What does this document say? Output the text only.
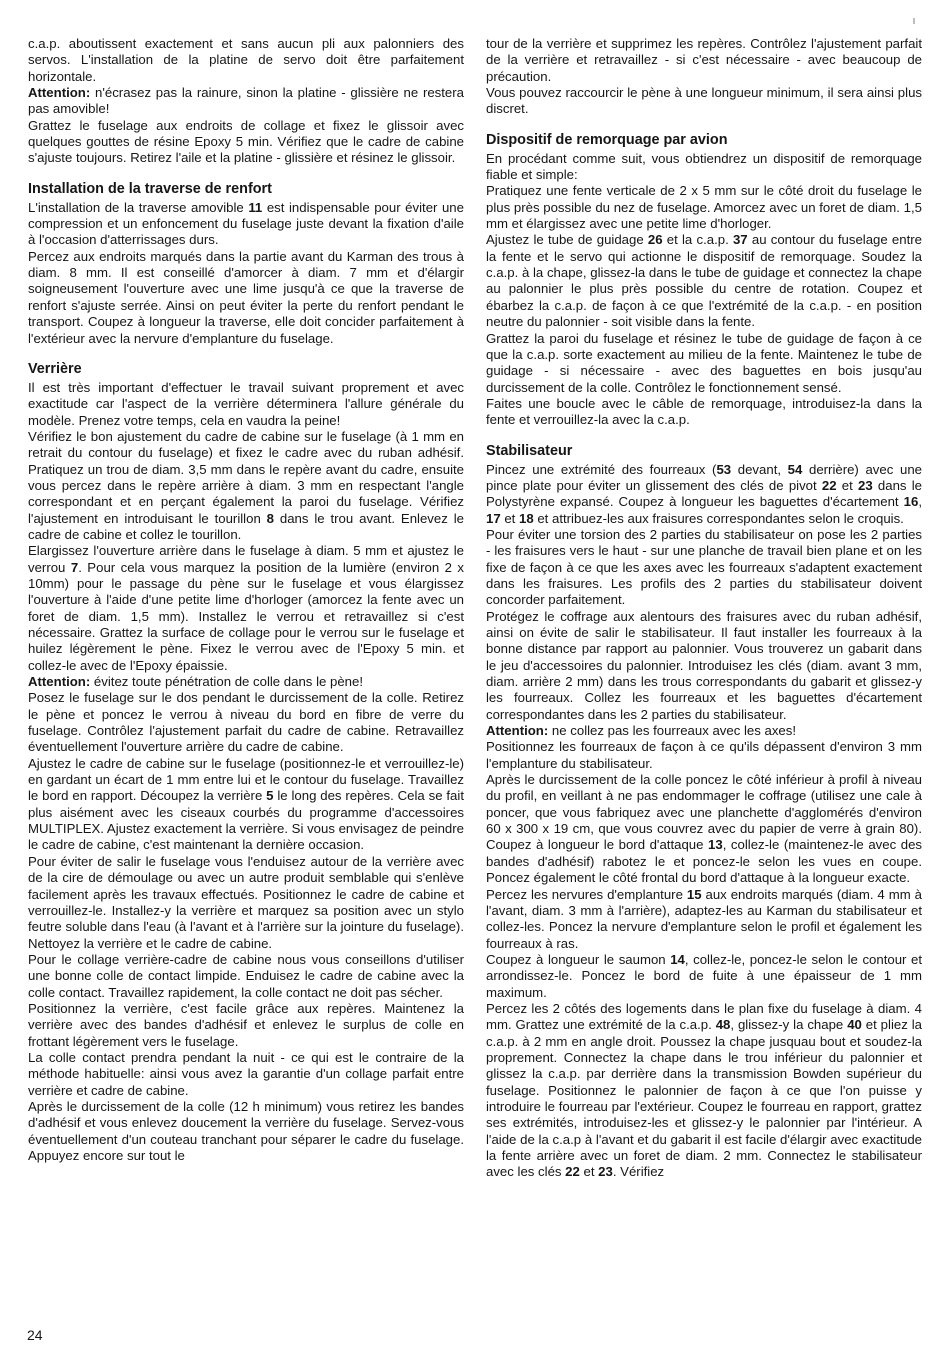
c.a.p. aboutissent exactement et sans aucun pli aux palonniers des servos. L'installation de la platine de servo doit être parfaitement horizontale.

Attention: n'écrasez pas la rainure, sinon la platine - glissière ne restera pas amovible!

Grattez le fuselage aux endroits de collage et fixez le glissoir avec quelques gouttes de résine Epoxy 5 min. Vérifiez que le cadre de cabine s'ajuste toujours. Retirez l'aile et la platine - glissière et résinez le glissoir.

Installation de la traverse de renfort

L'installation de la traverse amovible 11 est indispensable pour éviter une compression et un enfoncement du fuselage juste devant la fixation d'aile à l'occasion d'atterrissages durs.

Percez aux endroits marqués dans la partie avant du Karman des trous à diam. 8 mm. Il est conseillé d'amorcer à diam. 7 mm et d'élargir soigneusement l'ouverture avec une lime jusqu'à ce que la traverse de renfort s'ajuste serrée. Ainsi on peut éviter la perte du renfort pendant le transport. Coupez à longueur la traverse, elle doit concider parfaitement à l'extérieur avec la nervure d'emplanture du fuselage.

Verrière

Il est très important d'effectuer le travail suivant proprement et avec exactitude car l'aspect de la verrière déterminera l'allure générale du modèle. Prenez votre temps, cela en vaudra la peine!

Vérifiez le bon ajustement du cadre de cabine sur le fuselage (à 1 mm en retrait du contour du fuselage) et fixez le cadre avec du ruban adhésif. Pratiquez un trou de diam. 3,5 mm dans le repère avant du cadre, ensuite vous percez dans le repère arrière à diam. 3 mm en respectant l'angle correspondant et en perçant également la paroi du fuselage. Vérifiez l'ajustement en introduisant le tourillon 8 dans le trou avant. Enlevez le cadre de cabine et collez le tourillon.

Elargissez l'ouverture arrière dans le fuselage à diam. 5 mm et ajustez le verrou 7. Pour cela vous marquez la position de la lumière (environ 2 x 10mm) pour le passage du pène sur le fuselage et vous élargissez l'ouverture à l'aide d'une petite lime d'horloger (amorcez la fente avec un foret de diam. 1,5 mm). Installez le verrou et retravaillez si c'est nécessaire. Grattez la surface de collage pour le verrou sur le fuselage et huilez légèrement le pène. Fixez le verrou avec de l'Epoxy 5 min. et collez-le avec de l'Epoxy épaissie.

Attention: évitez toute pénétration de colle dans le pène!

Posez le fuselage sur le dos pendant le durcissement de la colle. Retirez le pène et poncez le verrou à niveau du bord en fibre de verre du fuselage. Contrôlez l'ajustement parfait du cadre de cabine. Retravaillez éventuellement l'ouverture arrière du cadre de cabine.

Ajustez le cadre de cabine sur le fuselage (positionnez-le et verrouillez-le) en gardant un écart de 1 mm entre lui et le contour du fuselage. Travaillez le bord en rapport. Découpez la verrière 5 le long des repères. Cela se fait plus aisément avec les ciseaux courbés du programme d'accessoires MULTIPLEX. Ajustez exactement la verrière. Si vous envisagez de peindre le cadre de cabine, c'est maintenant la dernière occasion.

Pour éviter de salir le fuselage vous l'enduisez autour de la verrière avec de la cire de démoulage ou avec un autre produit semblable qui s'enlève facilement après les travaux effectués. Positionnez le cadre de cabine et verrouillez-le. Installez-y la verrière et marquez sa position avec un stylo feutre soluble dans l'eau (à l'avant et à l'arrière sur la jointure du fuselage). Nettoyez la verrière et le cadre de cabine.

Pour le collage verrière-cadre de cabine nous vous conseillons d'utiliser une bonne colle de contact limpide. Enduisez le cadre de cabine avec la colle contact. Travaillez rapidement, la colle contact ne doit pas sécher.

Positionnez la verrière, c'est facile grâce aux repères. Maintenez la verrière avec des bandes d'adhésif et enlevez le surplus de colle en frottant légèrement vers le fuselage.

La colle contact prendra pendant la nuit - ce qui est le contraire de la méthode habituelle: ainsi vous avez la garantie d'un collage parfait entre verrière et cadre de cabine.

Après le durcissement de la colle (12 h minimum) vous retirez les bandes d'adhésif et vous enlevez doucement la verrière du fuselage. Servez-vous éventuellement d'un couteau tranchant pour séparer le cadre du fuselage. Appuyez encore sur tout le

tour de la verrière et supprimez les repères. Contrôlez l'ajustement parfait de la verrière et retravaillez - si c'est nécessaire - avec beaucoup de précaution.

Vous pouvez raccourcir le pène à une longueur minimum, il sera ainsi plus discret.

Dispositif de remorquage par avion

En procédant comme suit, vous obtiendrez un dispositif de remorquage fiable et simple:

Pratiquez une fente verticale de 2 x 5 mm sur le côté droit du fuselage le plus près possible du nez de fuselage. Amorcez avec un foret de diam. 1,5 mm et élargissez avec une petite lime d'horloger.

Ajustez le tube de guidage 26 et la c.a.p. 37 au contour du fuselage entre la fente et le servo qui actionne le dispositif de remorquage. Soudez la c.a.p. à la chape, glissez-la dans le tube de guidage et connectez la chape au palonnier le plus près possible du centre de rotation. Coupez et ébarbez la c.a.p. de façon à ce que l'extrémité de la c.a.p. - en position neutre du palonnier - soit visible dans la fente.

Grattez la paroi du fuselage et résinez le tube de guidage de façon à ce que la c.a.p. sorte exactement au milieu de la fente. Maintenez le tube de guidage - si nécessaire - avec des baguettes en bois jusqu'au durcissement de la colle. Contrôlez le fonctionnement sensé.

Faites une boucle avec le câble de remorquage, introduisez-la dans la fente et verrouillez-la avec la c.a.p.

Stabilisateur

Pincez une extrémité des fourreaux (53 devant, 54 derrière) avec une pince plate pour éviter un glissement des clés de pivot 22 et 23 dans le Polystyrène expansé. Coupez à longueur les baguettes d'écartement 16, 17 et 18 et attribuez-les aux fraisures correspondantes selon le croquis.

Pour éviter une torsion des 2 parties du stabilisateur on pose les 2 parties - les fraisures vers le haut - sur une planche de travail bien plane et on les fixe de façon à ce que les axes avec les fourreaux s'adaptent exactement dans les fraisures. Les profils des 2 parties du stabilisateur doivent concorder parfaitement.

Protégez le coffrage aux alentours des fraisures avec du ruban adhésif, ainsi on évite de salir le stabilisateur. Il faut installer les fourreaux à la bonne distance par rapport au palonnier. Vous trouverez un gabarit dans le jeu d'accessoires du palonnier. Introduisez les clés (diam. avant 3 mm, diam. arrière 2 mm) dans les trous correspondants du gabarit et glissez-y les fourreaux. Collez les fourreaux et les baguettes d'écartement correspondantes dans les 2 parties du stabilisateur.

Attention: ne collez pas les fourreaux avec les axes!

Positionnez les fourreaux de façon à ce qu'ils dépassent d'environ 3 mm l'emplanture du stabilisateur.

Après le durcissement de la colle poncez le côté inférieur à profil à niveau du profil, en veillant à ne pas endommager le coffrage (utilisez une cale à poncer, que vous fabriquez avec une planchette d'agglomérés d'environ 60 x 300 x 19 cm, que vous couvrez avec du papier de verre à grain 80). Coupez à longueur le bord d'attaque 13, collez-le (maintenez-le avec des bandes d'adhésif) rabotez le et poncez-le selon les vues en coupe. Poncez également le côté frontal du bord d'attaque à la longueur exacte.

Percez les nervures d'emplanture 15 aux endroits marqués (diam. 4 mm à l'avant, diam. 3 mm à l'arrière), adaptez-les au Karman du stabilisateur et collez-les. Poncez la nervure d'emplanture selon le profil et également les fourreaux à ras.

Coupez à longueur le saumon 14, collez-le, poncez-le selon le contour et arrondissez-le. Poncez le bord de fuite à une épaisseur de 1 mm maximum.

Percez les 2 côtés des logements dans le plan fixe du fuselage à diam. 4 mm. Grattez une extrémité de la c.a.p. 48, glissez-y la chape 40 et pliez la c.a.p. à 2 mm en angle droit. Poussez la chape jusquau bout et soudez-la proprement. Connectez la chape dans le trou inférieur du palonnier et glissez la c.a.p. par derrière dans la transmission Bowden supérieur du fuselage. Positionnez le palonnier de façon à ce que l'on puisse y introduire le fourreau par l'extérieur. Coupez le fourreau en rapport, grattez ses extrémités, introduisez-les et glissez-y le palonnier par l'intérieur. A l'aide de la c.a.p à l'avant et du gabarit il est facile d'élargir avec exactitude la fente arrière avec un foret de diam. 2 mm. Connectez le stabilisateur avec les clés 22 et 23. Vérifiez

24
